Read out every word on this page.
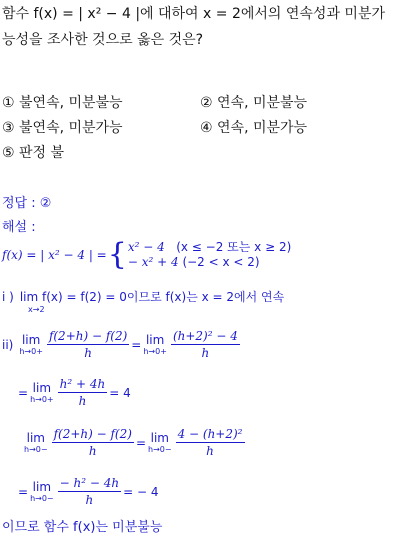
함수 f(x) = | x² − 4 |에 대하여 x = 2에서의 연속성과 미분가
능성을 조사한 것으로 옳은 것은?
① 불연속, 미분불능	② 연속, 미분불능
③ 불연속, 미분가능	④ 연속, 미분가능
⑤ 판정 불
정답 : ②
해설 :
f(x) = | x² − 4 | = { x² − 4 (x ≤ −2 또는 x ≥ 2)
− x² + 4 (−2 < x < 2)
i ) lim f(x) = f(2) = 0이므로 f(x)는 x = 2에서 연속
x→2
ii) lim
$h\to 0+ \frac{f(2+h) - f(2)}{h} = \lim$
$h\to 0+ \frac{\text{(h+2)² − 4}}{h}$
= lim
$h\to 0+ \frac{\text{h² + 4h}}{h} = 4$
lim
$h\to 0- \frac{f(2+h) - f(2)}{h} = \lim$
$h\to 0- \frac{\text{4 − (h+2)²}}{h}$
= lim
$h\to 0- \frac{\text{− h² − 4h}}{h}$ = − 4
이므로 함수 f(x)는 미분불능
